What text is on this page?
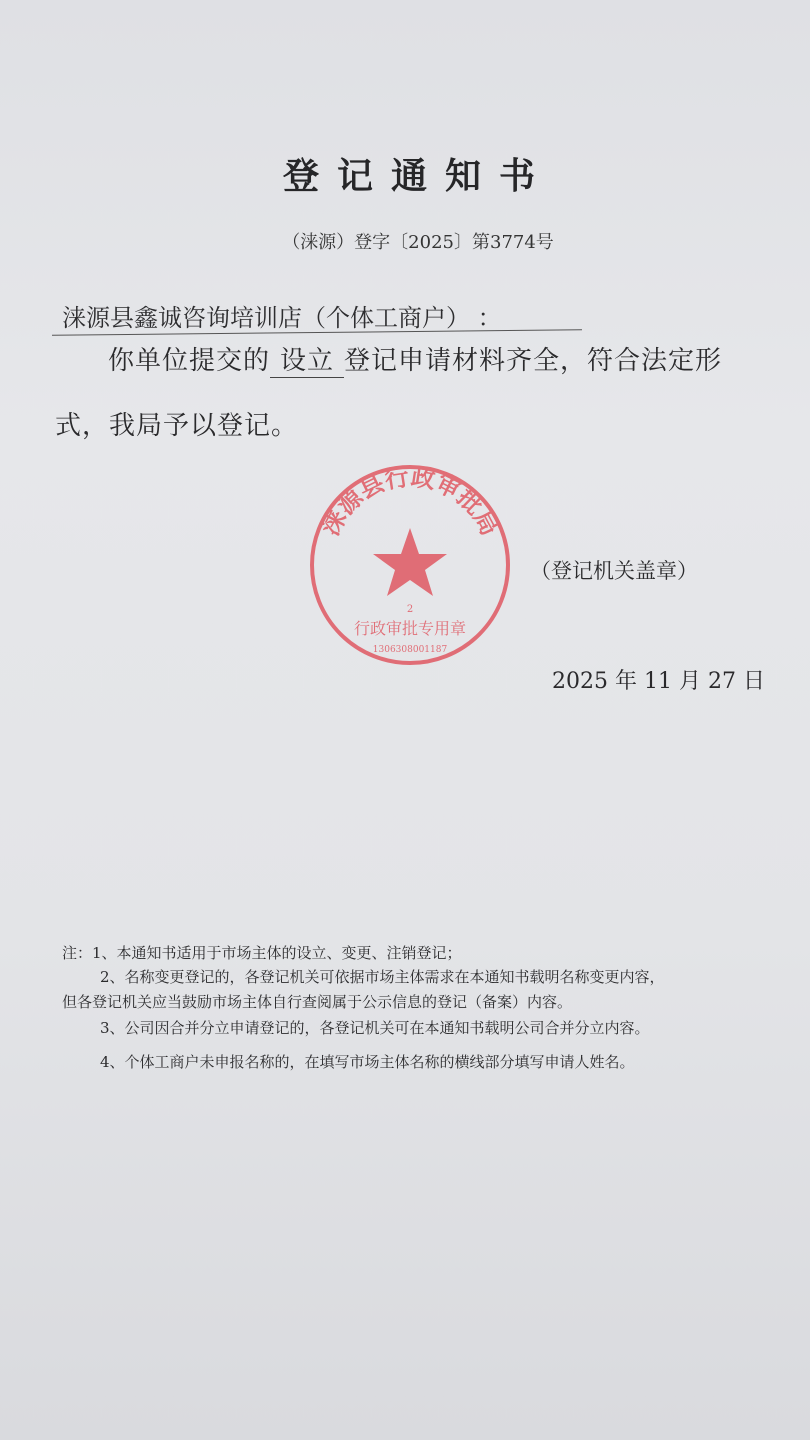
登记通知书
（涞源）登字〔2025〕第3774号
涞源县鑫诚咨询培训店（个体工商户） ：
你单位提交的 设立 登记申请材料齐全，符合法定形
式，我局予以登记。
涞源县行政审批局
2
行政审批专用章
1306308001187
（登记机关盖章）
2025 年 11 月 27 日
注：1、本通知书适用于市场主体的设立、变更、注销登记；
2、名称变更登记的，各登记机关可依据市场主体需求在本通知书载明名称变更内容，
但各登记机关应当鼓励市场主体自行查阅属于公示信息的登记（备案）内容。
3、公司因合并分立申请登记的，各登记机关可在本通知书载明公司合并分立内容。
4、个体工商户未申报名称的，在填写市场主体名称的横线部分填写申请人姓名。
